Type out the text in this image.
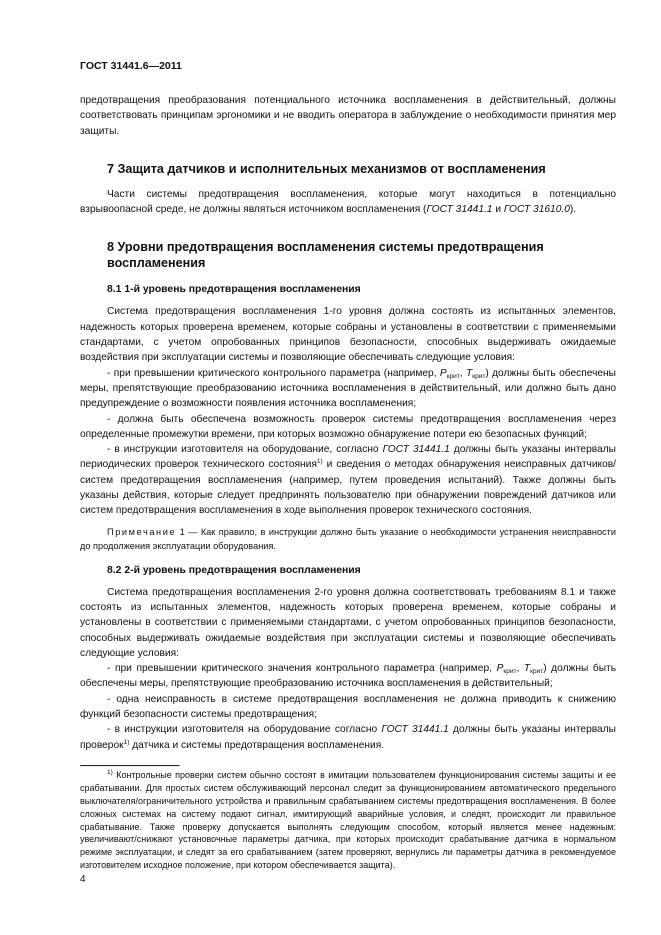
ГОСТ 31441.6—2011

предотвращения преобразования потенциального источника воспламенения в действительный, должны соответствовать принципам эргономики и не вводить оператора в заблуждение о необходимости принятия мер защиты.

7 Защита датчиков и исполнительных механизмов от воспламенения

Части системы предотвращения воспламенения, которые могут находиться в потенциально взрывоопасной среде, не должны являться источником воспламенения (ГОСТ 31441.1 и ГОСТ 31610.0).

8 Уровни предотвращения воспламенения системы предотвращения воспламенения
8.1 1-й уровень предотвращения воспламенения

Система предотвращения воспламенения 1-го уровня должна состоять из испытанных элементов, надежность которых проверена временем, которые собраны и установлены в соответствии с применяемыми стандартами, с учетом опробованных принципов безопасности, способных выдерживать ожидаемые воздействия при эксплуатации системы и позволяющие обеспечивать следующие условия:

- при превышении критического контрольного параметра (например, $P_{крит}$, $T_{крит}$) должны быть обеспечены меры, препятствующие преобразованию источника воспламенения в действительный, или должно быть дано предупреждение о возможности появления источника воспламенения;

- должна быть обеспечена возможность проверок системы предотвращения воспламенения через определенные промежутки времени, при которых возможно обнаружение потери ею безопасных функций;

- в инструкции изготовителя на оборудование, согласно ГОСТ 31441.1 должны быть указаны интервалы периодических проверок технического состояния$^{1)}$ и сведения о методах обнаружения неисправных датчиков/систем предотвращения воспламенения (например, путем проведения испытаний). Также должны быть указаны действия, которые следует предпринять пользователю при обнаружении повреждений датчиков или систем предотвращения воспламенения в ходе выполнения проверок технического состояния.

Примечание 1 — Как правило, в инструкции должно быть указание о необходимости устранения неисправности до продолжения эксплуатации оборудования.

8.2 2-й уровень предотвращения воспламенения

Система предотвращения воспламенения 2-го уровня должна соответствовать требованиям 8.1 и также состоять из испытанных элементов, надежность которых проверена временем, которые собраны и установлены в соответствии с применяемыми стандартами, с учетом опробованных принципов безопасности, способных выдерживать ожидаемые воздействия при эксплуатации системы и позволяющие обеспечивать следующие условия:

- при превышении критического значения контрольного параметра (например, $P_{крит}$, $T_{крит}$) должны быть обеспечены меры, препятствующие преобразованию источника воспламенения в действительный;

- одна неисправность в системе предотвращения воспламенения не должна приводить к снижению функций безопасности системы предотвращения;

- в инструкции изготовителя на оборудование согласно ГОСТ 31441.1 должны быть указаны интервалы проверок$^{1)}$ датчика и системы предотвращения воспламенения.

$^{1)}$ Контрольные проверки систем обычно состоят в имитации пользователем функционирования системы защиты и ее срабатывании. Для простых систем обслуживающий персонал следит за функционированием автоматического предельного выключателя/ограничительного устройства и правильным срабатыванием системы предотвращения воспламенения. В более сложных системах на систему подают сигнал, имитирующий аварийные условия, и следят, происходит ли правильное срабатывание. Также проверку допускается выполнять следующим способом, который является менее надежным: увеличивают/снижают установочные параметры датчика, при которых происходит срабатывание датчика в нормальном режиме эксплуатации, и следят за его срабатыванием (затем проверяют, вернулись ли параметры датчика в рекомендуемое изготовителем исходное положение, при котором обеспечивается защита).

4
